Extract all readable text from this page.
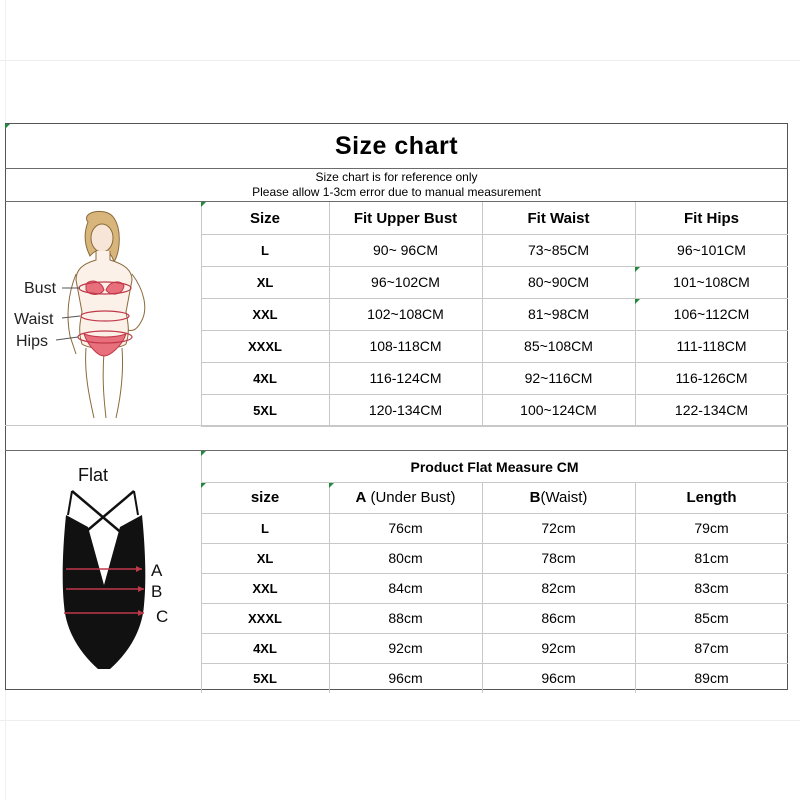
Size chart
Size chart is for reference only
Please allow 1-3cm error due to manual measurement
Size	Fit Upper Bust	Fit Waist	Fit Hips
L	90~ 96CM	73~85CM	96~101CM
XL	96~102CM	80~90CM	101~108CM
XXL	102~108CM	81~98CM	106~112CM
XXXL	108-118CM	85~108CM	111-118CM
4XL	116-124CM	92~116CM	116-126CM
5XL	120-134CM	100~124CM	122-134CM
Product Flat Measure CM
size	A (Under Bust)	B (Waist)	Length
L	76cm	72cm	79cm
XL	80cm	78cm	81cm
XXL	84cm	82cm	83cm
XXXL	88cm	86cm	85cm
4XL	92cm	92cm	87cm
5XL	96cm	96cm	89cm
Bust
Waist
Hips
Flat
A
B
C
